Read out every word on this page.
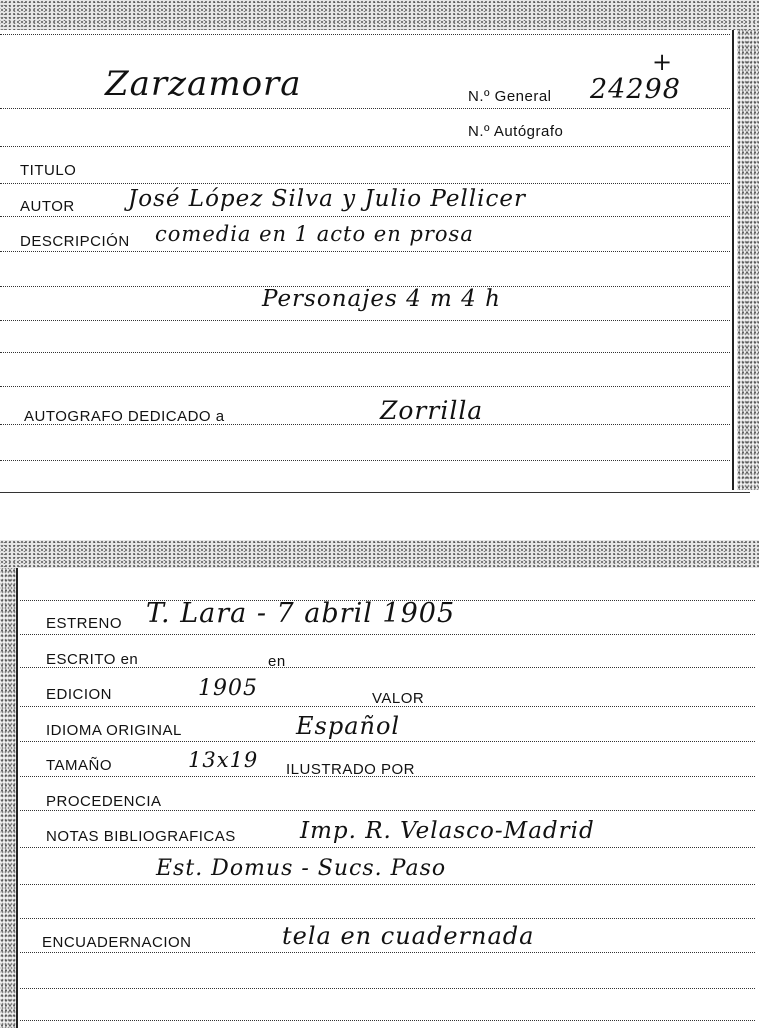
Zarzamora	N.º General 24298
+
N.º Autógrafo
TITULO
AUTOR José López Silva y Julio Pellicer
DESCRIPCIÓN comedia en 1 acto en prosa
Personajes 4 m 4 h
AUTOGRAFO DEDICADO a	Zorrilla
ESTRENO T. Lara - 7 abril 1905
ESCRITO en	en
EDICION	1905	VALOR
IDIOMA ORIGINAL	Español
TAMAÑO	13x19 ILUSTRADO POR
PROCEDENCIA
NOTAS BIBLIOGRAFICAS	Imp. R. Velasco-Madrid
Est. Domus - Sucs. Paso
ENCUADERNACION	tela en cuadernada
